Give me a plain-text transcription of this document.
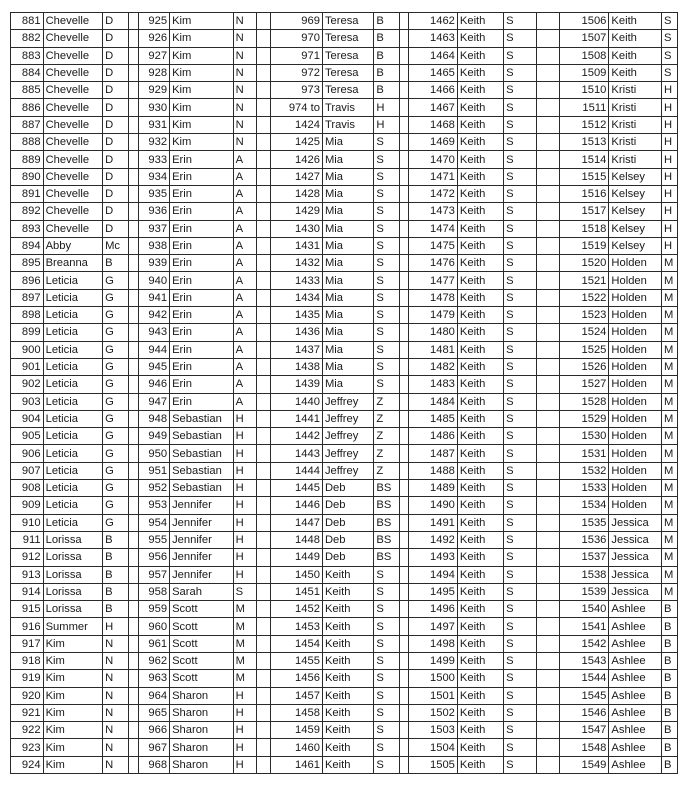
881	Chevelle	D		925	Kim	N		969	Teresa	B		1462	Keith	S		1506	Keith	S
882	Chevelle	D		926	Kim	N		970	Teresa	B		1463	Keith	S		1507	Keith	S
883	Chevelle	D		927	Kim	N		971	Teresa	B		1464	Keith	S		1508	Keith	S
884	Chevelle	D		928	Kim	N		972	Teresa	B		1465	Keith	S		1509	Keith	S
885	Chevelle	D		929	Kim	N		973	Teresa	B		1466	Keith	S		1510	Kristi	H
886	Chevelle	D		930	Kim	N		974 to	Travis	H		1467	Keith	S		1511	Kristi	H
887	Chevelle	D		931	Kim	N		1424	Travis	H		1468	Keith	S		1512	Kristi	H
888	Chevelle	D		932	Kim	N		1425	Mia	S		1469	Keith	S		1513	Kristi	H
889	Chevelle	D		933	Erin	A		1426	Mia	S		1470	Keith	S		1514	Kristi	H
890	Chevelle	D		934	Erin	A		1427	Mia	S		1471	Keith	S		1515	Kelsey	H
891	Chevelle	D		935	Erin	A		1428	Mia	S		1472	Keith	S		1516	Kelsey	H
892	Chevelle	D		936	Erin	A		1429	Mia	S		1473	Keith	S		1517	Kelsey	H
893	Chevelle	D		937	Erin	A		1430	Mia	S		1474	Keith	S		1518	Kelsey	H
894	Abby	Mc		938	Erin	A		1431	Mia	S		1475	Keith	S		1519	Kelsey	H
895	Breanna	B		939	Erin	A		1432	Mia	S		1476	Keith	S		1520	Holden	M
896	Leticia	G		940	Erin	A		1433	Mia	S		1477	Keith	S		1521	Holden	M
897	Leticia	G		941	Erin	A		1434	Mia	S		1478	Keith	S		1522	Holden	M
898	Leticia	G		942	Erin	A		1435	Mia	S		1479	Keith	S		1523	Holden	M
899	Leticia	G		943	Erin	A		1436	Mia	S		1480	Keith	S		1524	Holden	M
900	Leticia	G		944	Erin	A		1437	Mia	S		1481	Keith	S		1525	Holden	M
901	Leticia	G		945	Erin	A		1438	Mia	S		1482	Keith	S		1526	Holden	M
902	Leticia	G		946	Erin	A		1439	Mia	S		1483	Keith	S		1527	Holden	M
903	Leticia	G		947	Erin	A		1440	Jeffrey	Z		1484	Keith	S		1528	Holden	M
904	Leticia	G		948	Sebastian	H		1441	Jeffrey	Z		1485	Keith	S		1529	Holden	M
905	Leticia	G		949	Sebastian	H		1442	Jeffrey	Z		1486	Keith	S		1530	Holden	M
906	Leticia	G		950	Sebastian	H		1443	Jeffrey	Z		1487	Keith	S		1531	Holden	M
907	Leticia	G		951	Sebastian	H		1444	Jeffrey	Z		1488	Keith	S		1532	Holden	M
908	Leticia	G		952	Sebastian	H		1445	Deb	BS		1489	Keith	S		1533	Holden	M
909	Leticia	G		953	Jennifer	H		1446	Deb	BS		1490	Keith	S		1534	Holden	M
910	Leticia	G		954	Jennifer	H		1447	Deb	BS		1491	Keith	S		1535	Jessica	M
911	Lorissa	B		955	Jennifer	H		1448	Deb	BS		1492	Keith	S		1536	Jessica	M
912	Lorissa	B		956	Jennifer	H		1449	Deb	BS		1493	Keith	S		1537	Jessica	M
913	Lorissa	B		957	Jennifer	H		1450	Keith	S		1494	Keith	S		1538	Jessica	M
914	Lorissa	B		958	Sarah	S		1451	Keith	S		1495	Keith	S		1539	Jessica	M
915	Lorissa	B		959	Scott	M		1452	Keith	S		1496	Keith	S		1540	Ashlee	B
916	Summer	H		960	Scott	M		1453	Keith	S		1497	Keith	S		1541	Ashlee	B
917	Kim	N		961	Scott	M		1454	Keith	S		1498	Keith	S		1542	Ashlee	B
918	Kim	N		962	Scott	M		1455	Keith	S		1499	Keith	S		1543	Ashlee	B
919	Kim	N		963	Scott	M		1456	Keith	S		1500	Keith	S		1544	Ashlee	B
920	Kim	N		964	Sharon	H		1457	Keith	S		1501	Keith	S		1545	Ashlee	B
921	Kim	N		965	Sharon	H		1458	Keith	S		1502	Keith	S		1546	Ashlee	B
922	Kim	N		966	Sharon	H		1459	Keith	S		1503	Keith	S		1547	Ashlee	B
923	Kim	N		967	Sharon	H		1460	Keith	S		1504	Keith	S		1548	Ashlee	B
924	Kim	N		968	Sharon	H		1461	Keith	S		1505	Keith	S		1549	Ashlee	B
